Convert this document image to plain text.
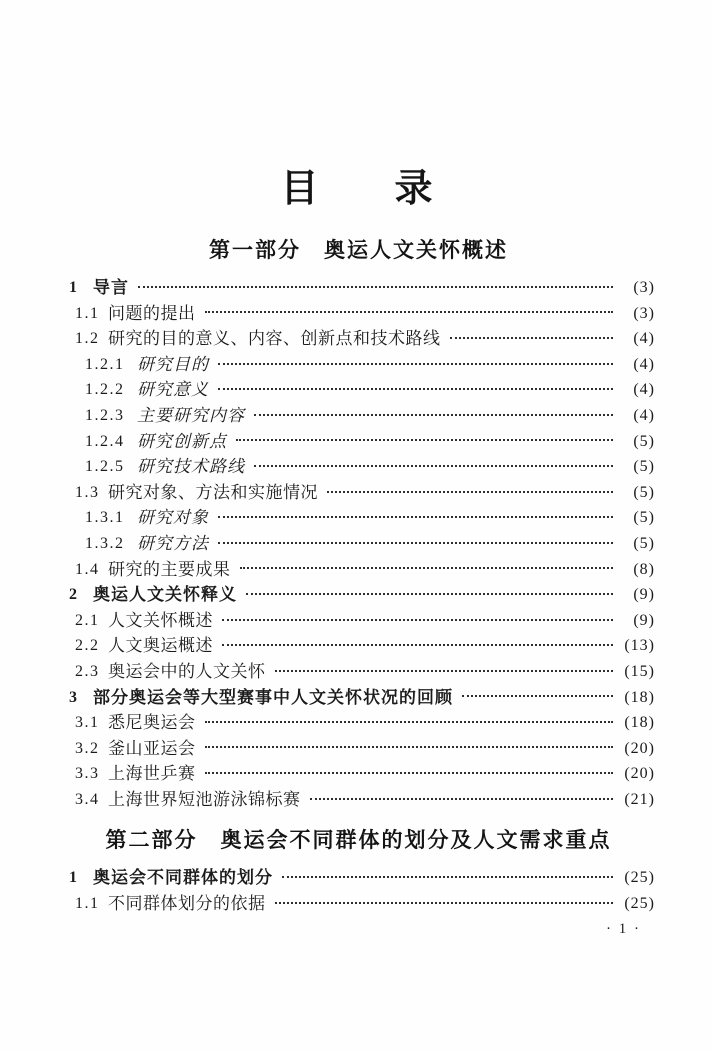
目　　录
第一部分　奥运人文关怀概述
1 导言	(3)
1.1 问题的提出	(3)
1.2 研究的目的意义、内容、创新点和技术路线	(4)
1.2.1 研究目的	(4)
1.2.2 研究意义	(4)
1.2.3 主要研究内容	(4)
1.2.4 研究创新点	(5)
1.2.5 研究技术路线	(5)
1.3 研究对象、方法和实施情况	(5)
1.3.1 研究对象	(5)
1.3.2 研究方法	(5)
1.4 研究的主要成果	(8)
2 奥运人文关怀释义	(9)
2.1 人文关怀概述	(9)
2.2 人文奥运概述	(13)
2.3 奥运会中的人文关怀	(15)
3 部分奥运会等大型赛事中人文关怀状况的回顾	(18)
3.1 悉尼奥运会	(18)
3.2 釜山亚运会	(20)
3.3 上海世乒赛	(20)
3.4 上海世界短池游泳锦标赛	(21)
第二部分　奥运会不同群体的划分及人文需求重点
1 奥运会不同群体的划分	(25)
1.1 不同群体划分的依据	(25)
· 1 ·
